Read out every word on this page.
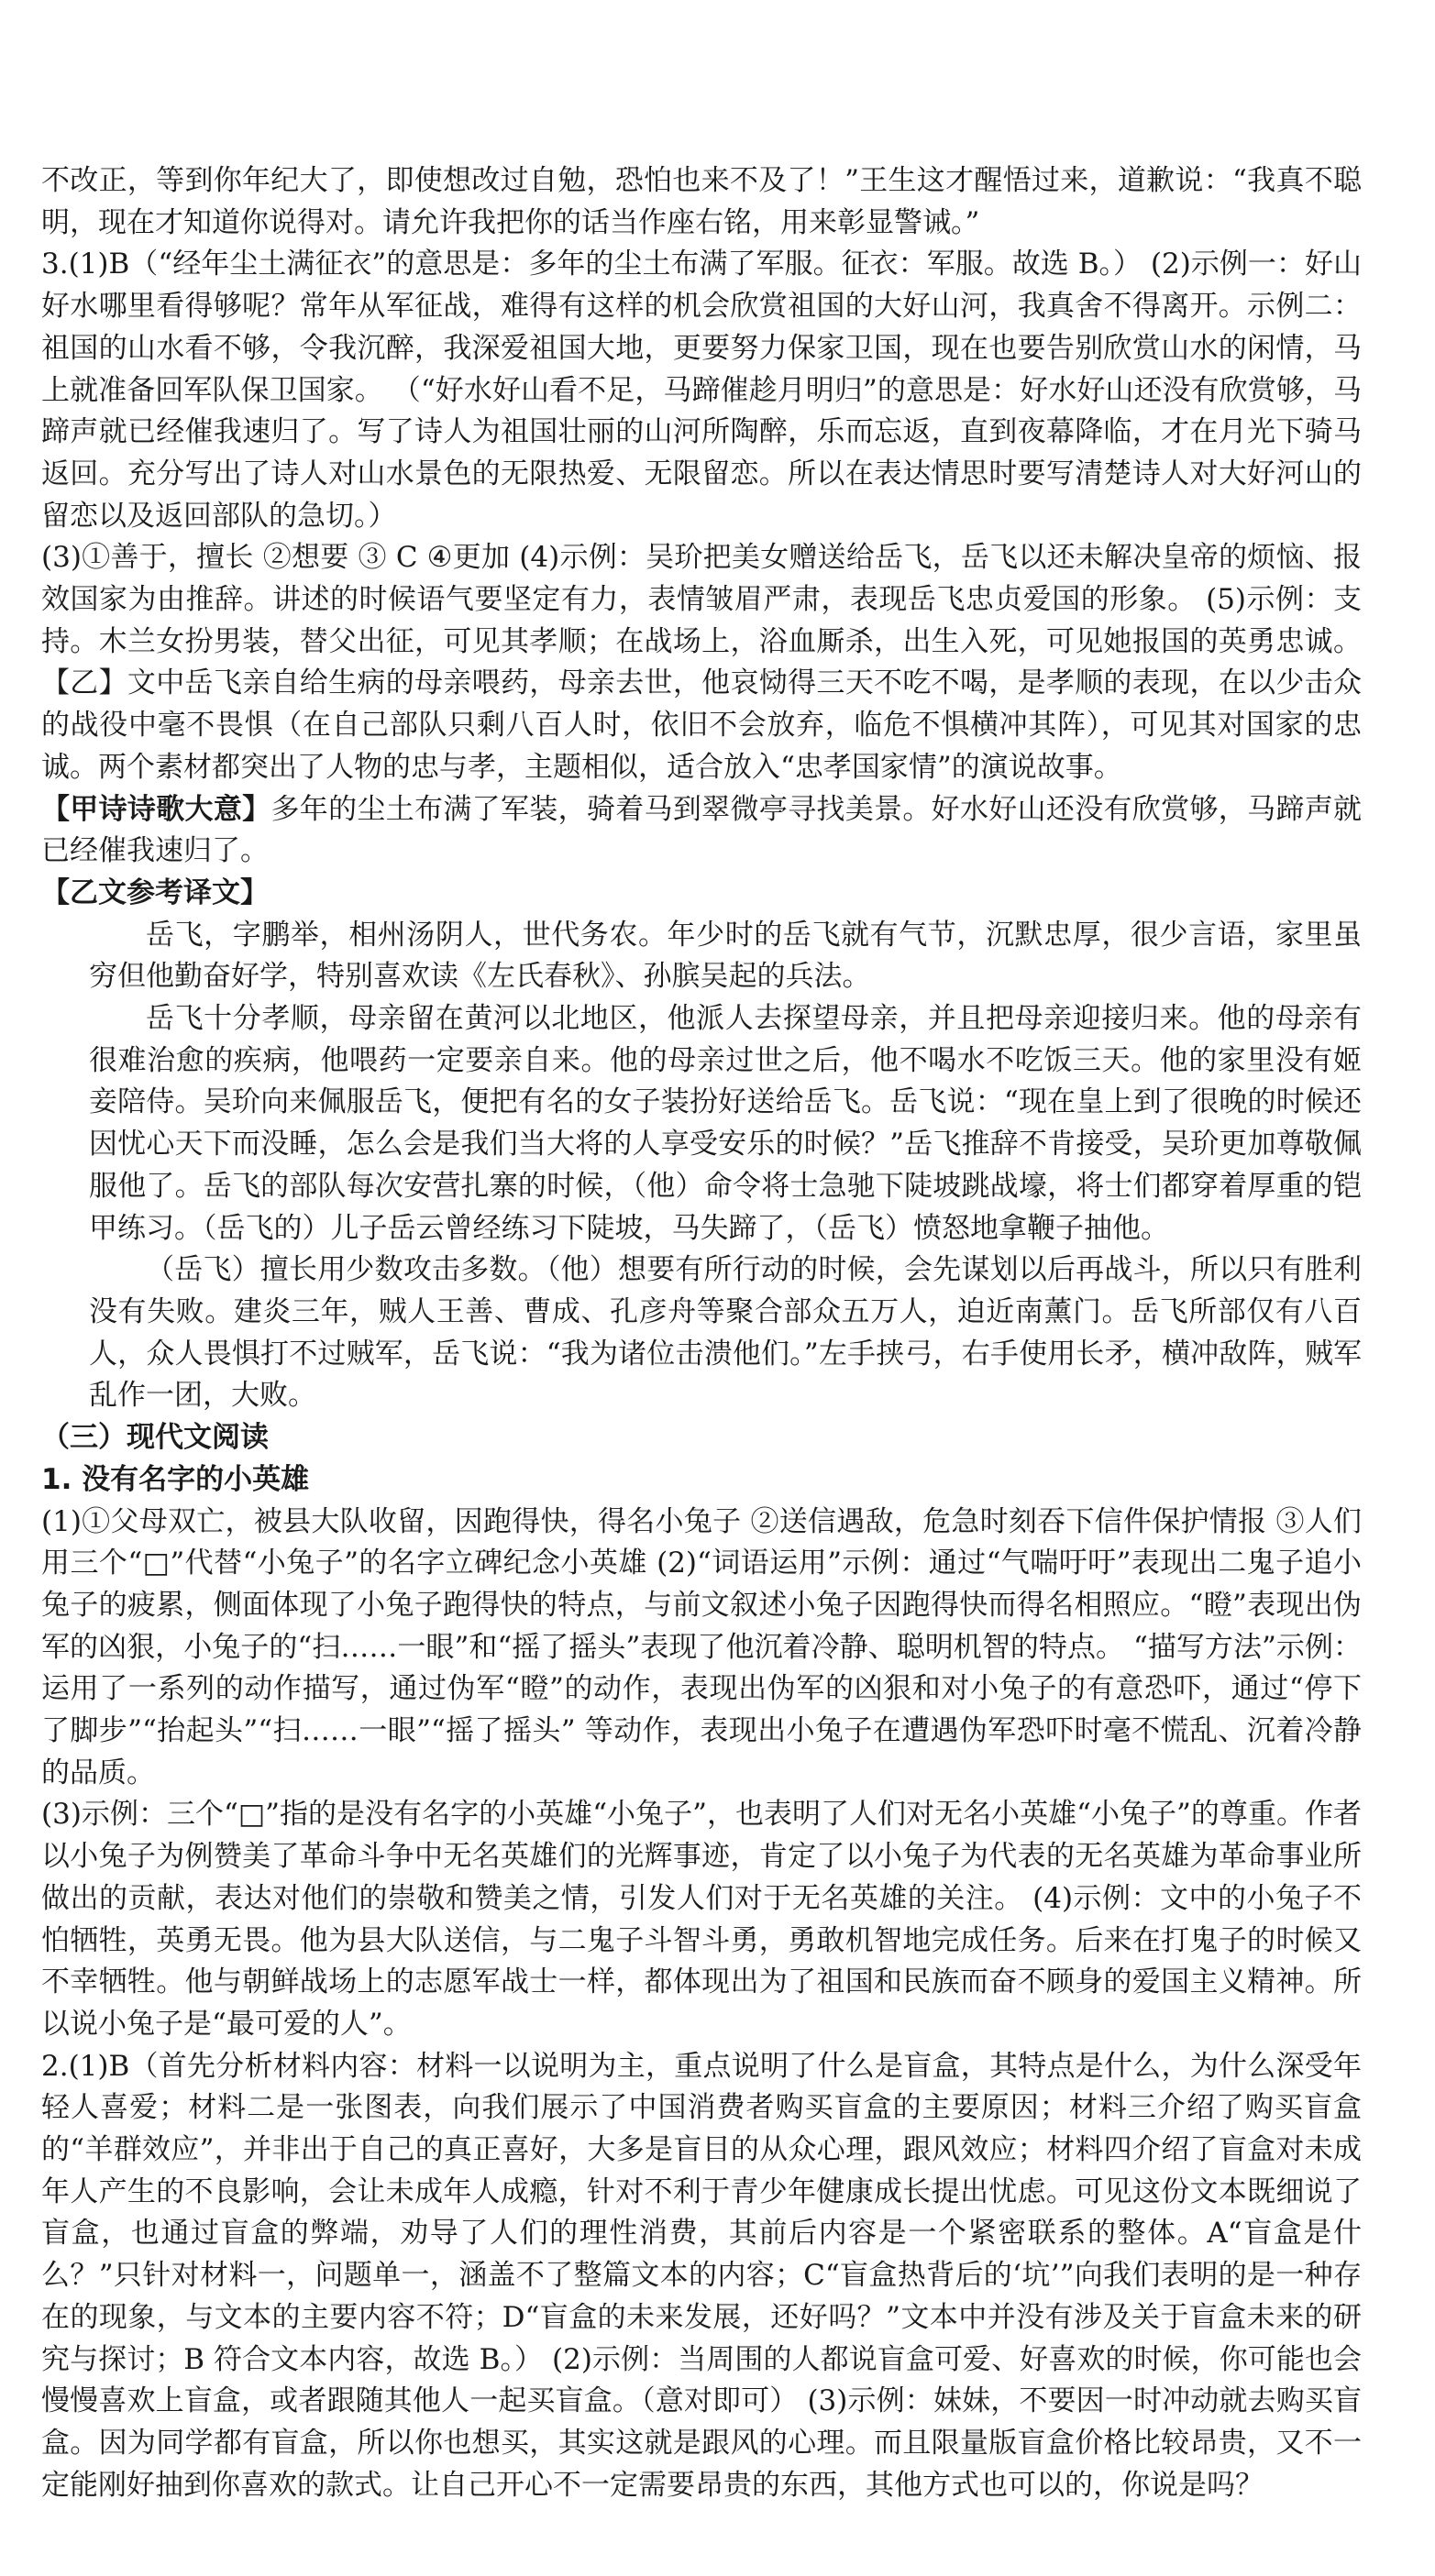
不改正，等到你年纪大了，即使想改过自勉，恐怕也来不及了！”王生这才醒悟过来，道歉说：“我真不聪明，现在才知道你说得对。请允许我把你的话当作座右铭，用来彰显警诫。”

3.(1)B（“经年尘土满征衣”的意思是：多年的尘土布满了军服。征衣：军服。故选 B。） (2)示例一：好山好水哪里看得够呢？常年从军征战，难得有这样的机会欣赏祖国的大好山河，我真舍不得离开。示例二：祖国的山水看不够，令我沉醉，我深爱祖国大地，更要努力保家卫国，现在也要告别欣赏山水的闲情，马上就准备回军队保卫国家。 （“好水好山看不足，马蹄催趁月明归”的意思是：好水好山还没有欣赏够，马蹄声就已经催我速归了。写了诗人为祖国壮丽的山河所陶醉，乐而忘返，直到夜幕降临，才在月光下骑马返回。充分写出了诗人对山水景色的无限热爱、无限留恋。所以在表达情思时要写清楚诗人对大好河山的留恋以及返回部队的急切。）

(3)①善于，擅长 ②想要 ③ C ④更加 (4)示例：吴玠把美女赠送给岳飞，岳飞以还未解决皇帝的烦恼、报效国家为由推辞。讲述的时候语气要坚定有力，表情皱眉严肃，表现岳飞忠贞爱国的形象。 (5)示例：支持。木兰女扮男装，替父出征，可见其孝顺；在战场上，浴血厮杀，出生入死，可见她报国的英勇忠诚。【乙】文中岳飞亲自给生病的母亲喂药，母亲去世，他哀恸得三天不吃不喝，是孝顺的表现，在以少击众的战役中毫不畏惧（在自己部队只剩八百人时，依旧不会放弃，临危不惧横冲其阵），可见其对国家的忠诚。两个素材都突出了人物的忠与孝，主题相似，适合放入“忠孝国家情”的演说故事。

【甲诗诗歌大意】多年的尘土布满了军装，骑着马到翠微亭寻找美景。好水好山还没有欣赏够，马蹄声就已经催我速归了。

【乙文参考译文】

岳飞，字鹏举，相州汤阴人，世代务农。年少时的岳飞就有气节，沉默忠厚，很少言语，家里虽穷但他勤奋好学，特别喜欢读《左氏春秋》、孙膑吴起的兵法。

岳飞十分孝顺，母亲留在黄河以北地区，他派人去探望母亲，并且把母亲迎接归来。他的母亲有很难治愈的疾病，他喂药一定要亲自来。他的母亲过世之后，他不喝水不吃饭三天。他的家里没有姬妾陪侍。吴玠向来佩服岳飞，便把有名的女子装扮好送给岳飞。岳飞说：“现在皇上到了很晚的时候还因忧心天下而没睡，怎么会是我们当大将的人享受安乐的时候？”岳飞推辞不肯接受，吴玠更加尊敬佩服他了。岳飞的部队每次安营扎寨的时候，（他）命令将士急驰下陡坡跳战壕，将士们都穿着厚重的铠甲练习。（岳飞的）儿子岳云曾经练习下陡坡，马失蹄了，（岳飞）愤怒地拿鞭子抽他。

（岳飞）擅长用少数攻击多数。（他）想要有所行动的时候，会先谋划以后再战斗，所以只有胜利没有失败。建炎三年，贼人王善、曹成、孔彦舟等聚合部众五万人，迫近南薰门。岳飞所部仅有八百人，众人畏惧打不过贼军，岳飞说：“我为诸位击溃他们。”左手挟弓，右手使用长矛，横冲敌阵，贼军乱作一团，大败。

（三）现代文阅读

1. 没有名字的小英雄

(1)①父母双亡，被县大队收留，因跑得快，得名小兔子 ②送信遇敌，危急时刻吞下信件保护情报 ③人们用三个“□”代替“小兔子”的名字立碑纪念小英雄 (2)“词语运用”示例：通过“气喘吁吁”表现出二鬼子追小兔子的疲累，侧面体现了小兔子跑得快的特点，与前文叙述小兔子因跑得快而得名相照应。“瞪”表现出伪军的凶狠，小兔子的“扫……一眼”和“摇了摇头”表现了他沉着冷静、聪明机智的特点。 “描写方法”示例：运用了一系列的动作描写，通过伪军“瞪”的动作，表现出伪军的凶狠和对小兔子的有意恐吓，通过“停下了脚步”“抬起头”“扫……一眼”“摇了摇头” 等动作，表现出小兔子在遭遇伪军恐吓时毫不慌乱、沉着冷静的品质。

(3)示例：三个“□”指的是没有名字的小英雄“小兔子”，也表明了人们对无名小英雄“小兔子”的尊重。作者以小兔子为例赞美了革命斗争中无名英雄们的光辉事迹，肯定了以小兔子为代表的无名英雄为革命事业所做出的贡献，表达对他们的崇敬和赞美之情，引发人们对于无名英雄的关注。 (4)示例：文中的小兔子不怕牺牲，英勇无畏。他为县大队送信，与二鬼子斗智斗勇，勇敢机智地完成任务。后来在打鬼子的时候又不幸牺牲。他与朝鲜战场上的志愿军战士一样，都体现出为了祖国和民族而奋不顾身的爱国主义精神。所以说小兔子是“最可爱的人”。

2.(1)B（首先分析材料内容：材料一以说明为主，重点说明了什么是盲盒，其特点是什么，为什么深受年轻人喜爱；材料二是一张图表，向我们展示了中国消费者购买盲盒的主要原因；材料三介绍了购买盲盒的“羊群效应”，并非出于自己的真正喜好，大多是盲目的从众心理，跟风效应；材料四介绍了盲盒对未成年人产生的不良影响，会让未成年人成瘾，针对不利于青少年健康成长提出忧虑。可见这份文本既细说了盲盒，也通过盲盒的弊端，劝导了人们的理性消费，其前后内容是一个紧密联系的整体。A“盲盒是什么？”只针对材料一，问题单一，涵盖不了整篇文本的内容；C“盲盒热背后的‘坑’”向我们表明的是一种存在的现象，与文本的主要内容不符；D“盲盒的未来发展，还好吗？”文本中并没有涉及关于盲盒未来的研究与探讨；B 符合文本内容，故选 B。） (2)示例：当周围的人都说盲盒可爱、好喜欢的时候，你可能也会慢慢喜欢上盲盒，或者跟随其他人一起买盲盒。（意对即可） (3)示例：妹妹，不要因一时冲动就去购买盲盒。因为同学都有盲盒，所以你也想买，其实这就是跟风的心理。而且限量版盲盒价格比较昂贵，又不一定能刚好抽到你喜欢的款式。让自己开心不一定需要昂贵的东西，其他方式也可以的，你说是吗？
